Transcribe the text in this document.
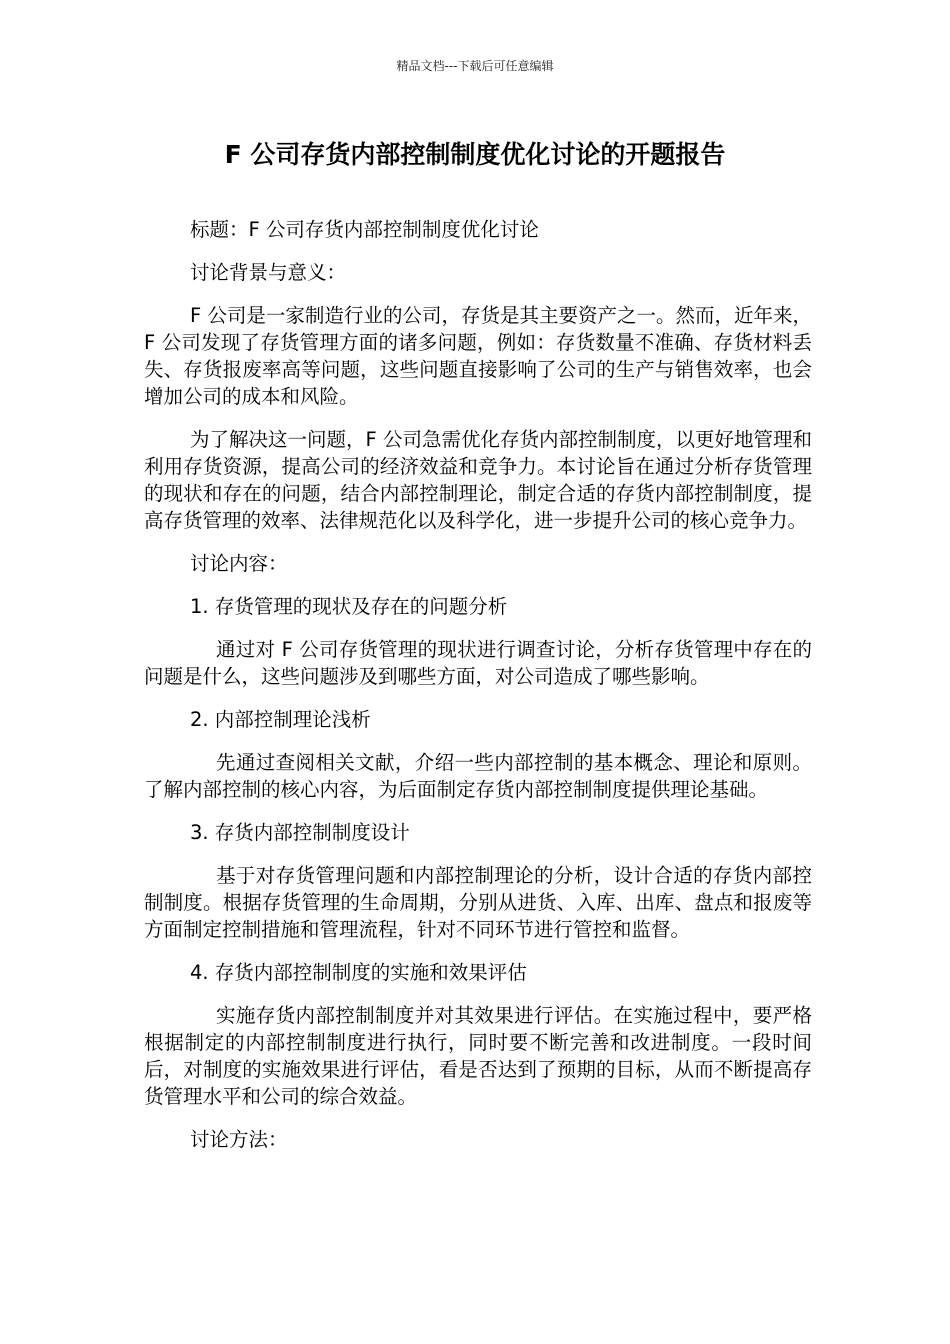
精品文档---下载后可任意编辑
F 公司存货内部控制制度优化讨论的开题报告

标题：F 公司存货内部控制制度优化讨论

讨论背景与意义：

F 公司是一家制造行业的公司，存货是其主要资产之一。然而，近年来，F 公司发现了存货管理方面的诸多问题，例如：存货数量不准确、存货材料丢失、存货报废率高等问题，这些问题直接影响了公司的生产与销售效率，也会增加公司的成本和风险。

为了解决这一问题，F 公司急需优化存货内部控制制度，以更好地管理和利用存货资源，提高公司的经济效益和竞争力。本讨论旨在通过分析存货管理的现状和存在的问题，结合内部控制理论，制定合适的存货内部控制制度，提高存货管理的效率、法律规范化以及科学化，进一步提升公司的核心竞争力。

讨论内容：

1. 存货管理的现状及存在的问题分析

通过对 F 公司存货管理的现状进行调查讨论，分析存货管理中存在的问题是什么，这些问题涉及到哪些方面，对公司造成了哪些影响。

2. 内部控制理论浅析

先通过查阅相关文献，介绍一些内部控制的基本概念、理论和原则。了解内部控制的核心内容，为后面制定存货内部控制制度提供理论基础。

3. 存货内部控制制度设计

基于对存货管理问题和内部控制理论的分析，设计合适的存货内部控制制度。根据存货管理的生命周期，分别从进货、入库、出库、盘点和报废等方面制定控制措施和管理流程，针对不同环节进行管控和监督。

4. 存货内部控制制度的实施和效果评估

实施存货内部控制制度并对其效果进行评估。在实施过程中，要严格根据制定的内部控制制度进行执行，同时要不断完善和改进制度。一段时间后，对制度的实施效果进行评估，看是否达到了预期的目标，从而不断提高存货管理水平和公司的综合效益。

讨论方法：
